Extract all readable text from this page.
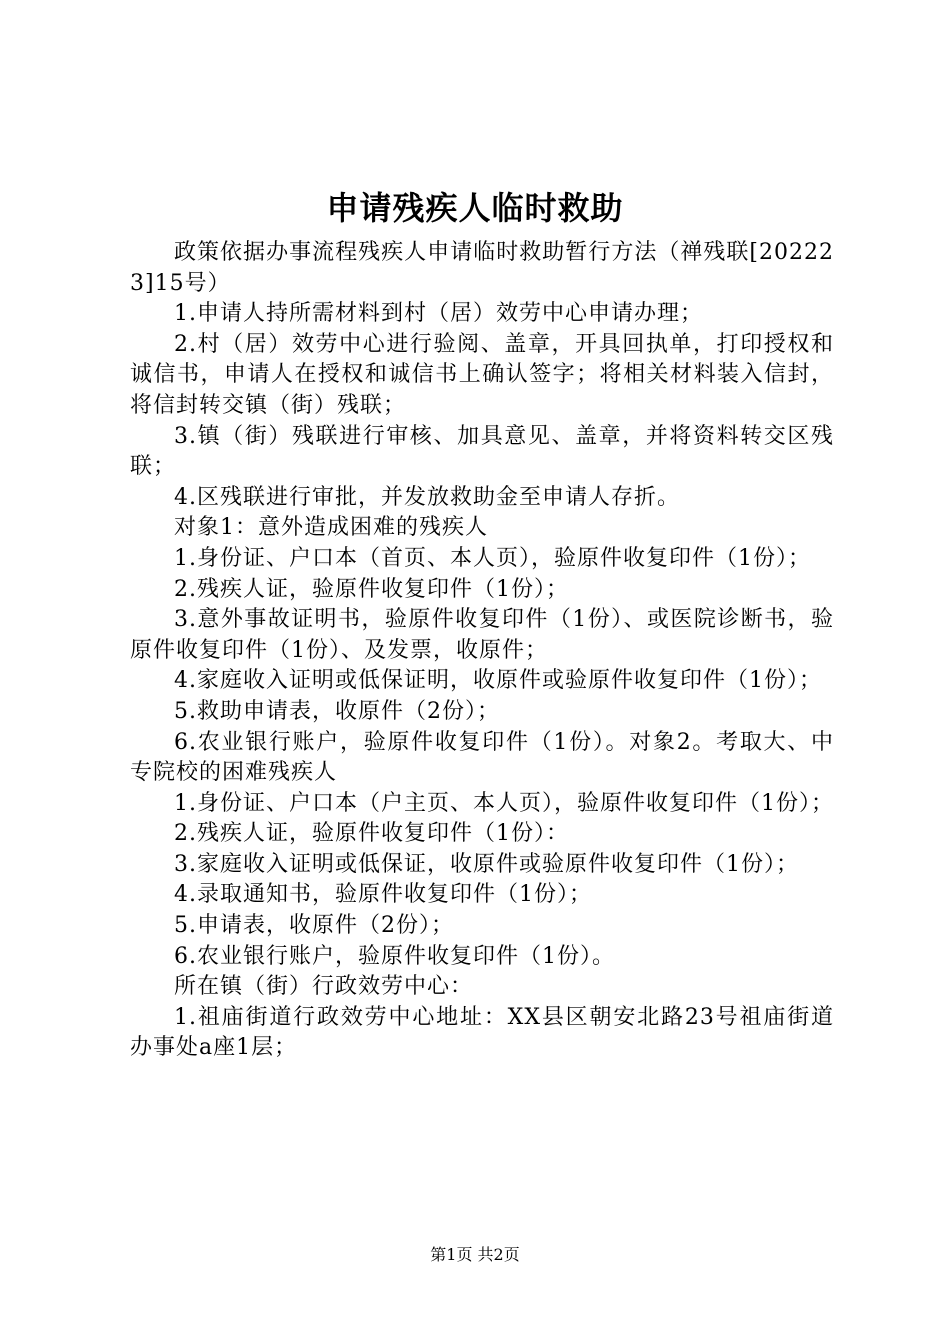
申请残疾人临时救助

政策依据办事流程残疾人申请临时救助暂行方法（禅残联[202223]15号）

1.申请人持所需材料到村（居）效劳中心申请办理；

2.村（居）效劳中心进行验阅、盖章，开具回执单，打印授权和诚信书，申请人在授权和诚信书上确认签字；将相关材料装入信封，将信封转交镇（街）残联；

3.镇（街）残联进行审核、加具意见、盖章，并将资料转交区残联；

4.区残联进行审批，并发放救助金至申请人存折。

对象1：意外造成困难的残疾人

1.身份证、户口本（首页、本人页），验原件收复印件（1份）；

2.残疾人证，验原件收复印件（1份）；

3.意外事故证明书，验原件收复印件（1份）、或医院诊断书，验原件收复印件（1份）、及发票，收原件；

4.家庭收入证明或低保证明，收原件或验原件收复印件（1份）；

5.救助申请表，收原件（2份）；

6.农业银行账户，验原件收复印件（1份）。对象2。考取大、中专院校的困难残疾人

1.身份证、户口本（户主页、本人页），验原件收复印件（1份）；

2.残疾人证，验原件收复印件（1份）：

3.家庭收入证明或低保证，收原件或验原件收复印件（1份）；

4.录取通知书，验原件收复印件（1份）；

5.申请表，收原件（2份）；

6.农业银行账户，验原件收复印件（1份）。

所在镇（街）行政效劳中心：

1.祖庙街道行政效劳中心地址：XX县区朝安北路23号祖庙街道办事处a座1层；

第1页 共2页
